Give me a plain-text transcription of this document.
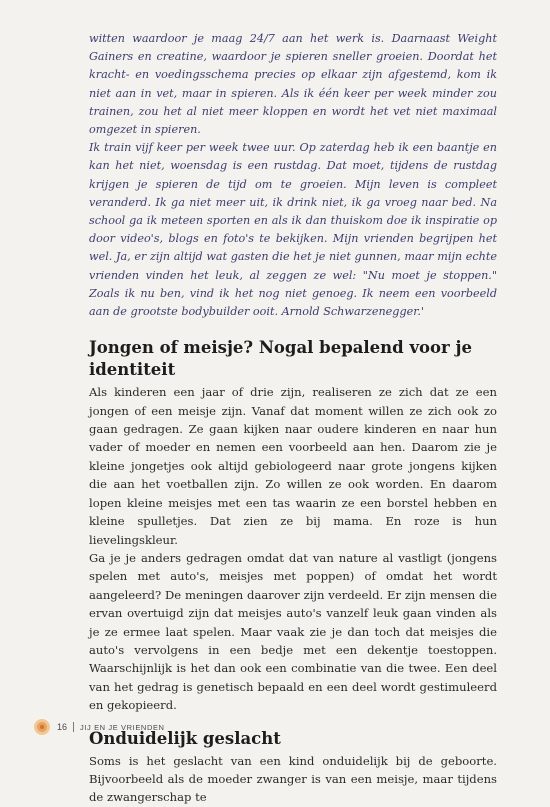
witten waardoor je maag 24/7 aan het werk is. Daarnaast Weight Gainers en creatine, waardoor je spieren sneller groeien. Doordat het kracht- en voedingsschema precies op elkaar zijn afgestemd, kom ik niet aan in vet, maar in spieren. Als ik één keer per week minder zou trainen, zou het al niet meer kloppen en wordt het vet niet maximaal omgezet in spieren.

Ik train vijf keer per week twee uur. Op zaterdag heb ik een baantje en kan het niet, woensdag is een rustdag. Dat moet, tijdens de rustdag krijgen je spieren de tijd om te groeien. Mijn leven is compleet veranderd. Ik ga niet meer uit, ik drink niet, ik ga vroeg naar bed. Na school ga ik meteen sporten en als ik dan thuiskom doe ik inspiratie op door video's, blogs en foto's te bekijken. Mijn vrienden begrijpen het wel. Ja, er zijn altijd wat gasten die het je niet gunnen, maar mijn echte vrienden vinden het leuk, al zeggen ze wel: "Nu moet je stoppen." Zoals ik nu ben, vind ik het nog niet genoeg. Ik neem een voorbeeld aan de grootste bodybuilder ooit. Arnold Schwarzenegger.'

Jongen of meisje? Nogal bepalend voor je identiteit

Als kinderen een jaar of drie zijn, realiseren ze zich dat ze een jongen of een meisje zijn. Vanaf dat moment willen ze zich ook zo gaan gedragen. Ze gaan kijken naar oudere kinderen en naar hun vader of moeder en nemen een voorbeeld aan hen. Daarom zie je kleine jongetjes ook altijd gebiologeerd naar grote jongens kijken die aan het voetballen zijn. Zo willen ze ook worden. En daarom lopen kleine meisjes met een tas waarin ze een borstel hebben en kleine spulletjes. Dat zien ze bij mama. En roze is hun lievelingskleur.

Ga je je anders gedragen omdat dat van nature al vastligt (jongens spelen met auto's, meisjes met poppen) of omdat het wordt aangeleerd? De meningen daarover zijn verdeeld. Er zijn mensen die ervan overtuigd zijn dat meisjes auto's vanzelf leuk gaan vinden als je ze ermee laat spelen. Maar vaak zie je dan toch dat meisjes die auto's vervolgens in een bedje met een dekentje toestoppen. Waarschijnlijk is het dan ook een combinatie van die twee. Een deel van het gedrag is genetisch bepaald en een deel wordt gestimuleerd en gekopieerd.

Onduidelijk geslacht

Soms is het geslacht van een kind onduidelijk bij de geboorte. Bijvoorbeeld als de moeder zwanger is van een meisje, maar tijdens de zwangerschap te

16 JIJ EN JE VRIENDEN
